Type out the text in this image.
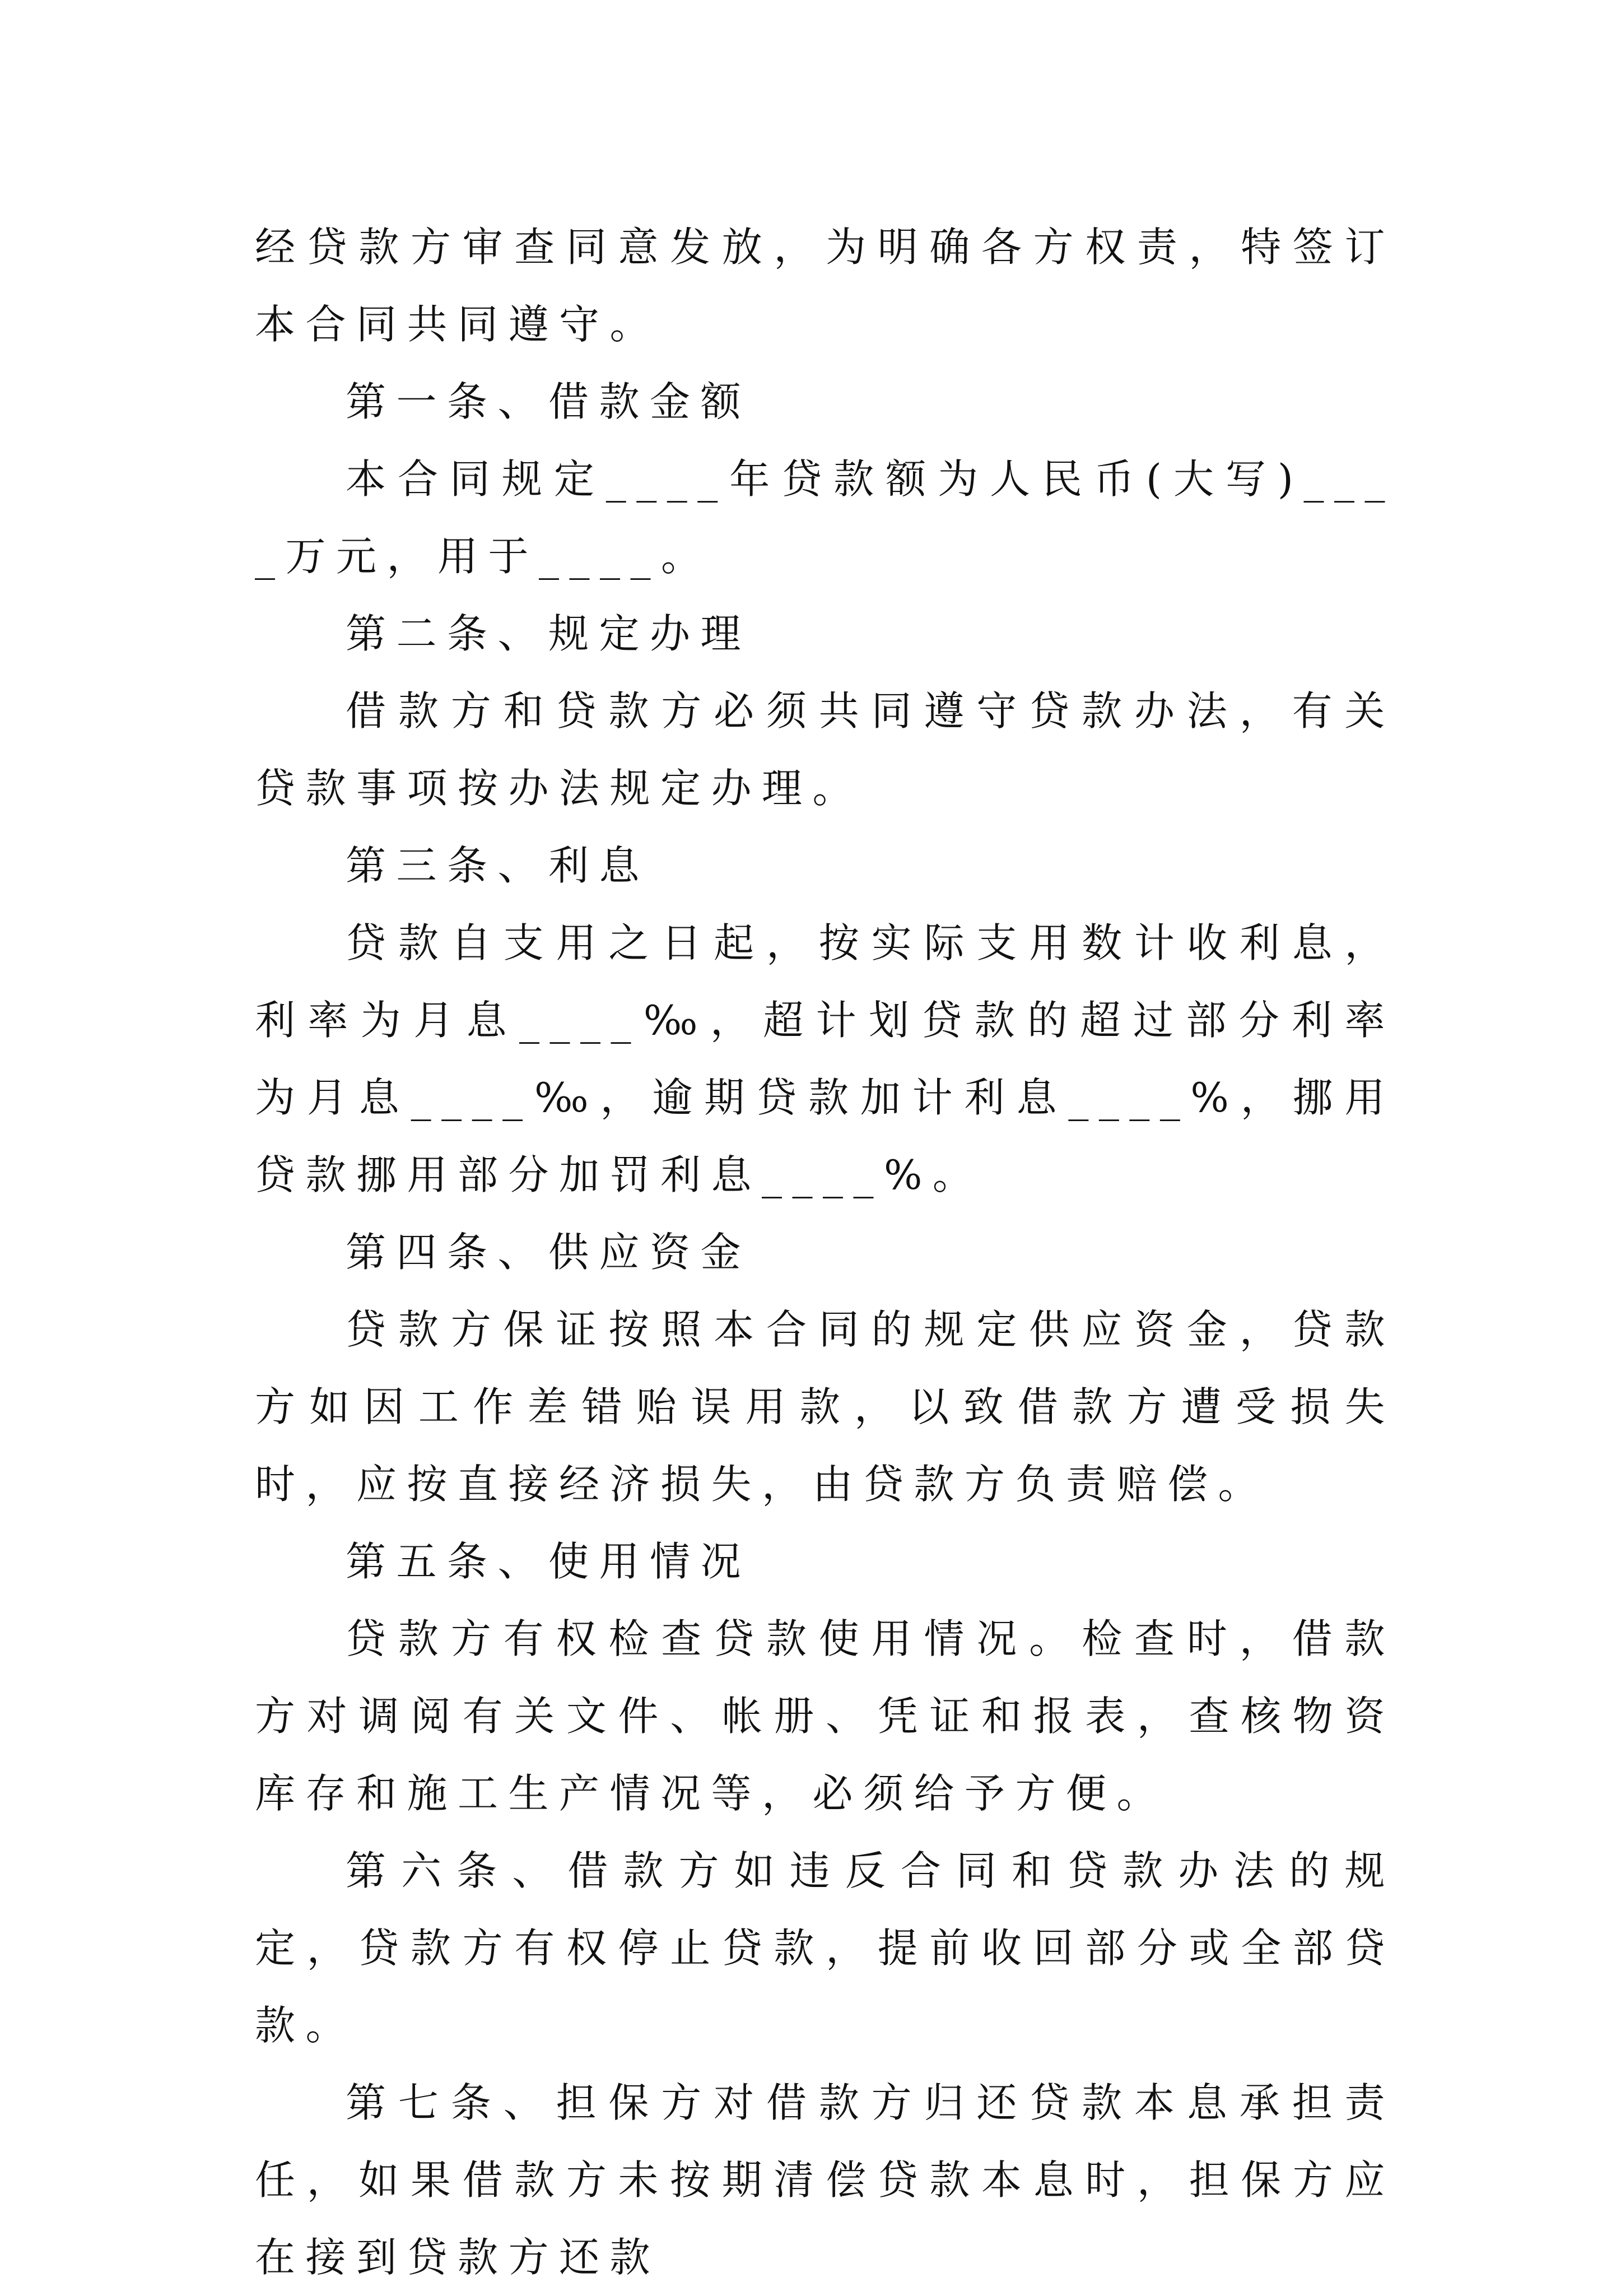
经贷款方审查同意发放，为明确各方权责，特签订本合同共同遵守。

第一条、借款金额

本合同规定____年贷款额为人民币(大写)____万元，用于____。

第二条、规定办理

借款方和贷款方必须共同遵守贷款办法，有关贷款事项按办法规定办理。

第三条、利息

贷款自支用之日起，按实际支用数计收利息，利率为月息____‰，超计划贷款的超过部分利率为月息____‰，逾期贷款加计利息____%，挪用贷款挪用部分加罚利息____%。

第四条、供应资金

贷款方保证按照本合同的规定供应资金，贷款方如因工作差错贻误用款，以致借款方遭受损失时，应按直接经济损失，由贷款方负责赔偿。

第五条、使用情况

贷款方有权检查贷款使用情况。检查时，借款方对调阅有关文件、帐册、凭证和报表，查核物资库存和施工生产情况等，必须给予方便。

第六条、借款方如违反合同和贷款办法的规定，贷款方有权停止贷款，提前收回部分或全部贷款。

第七条、担保方对借款方归还贷款本息承担责任，如果借款方未按期清偿贷款本息时，担保方应在接到贷款方还款
